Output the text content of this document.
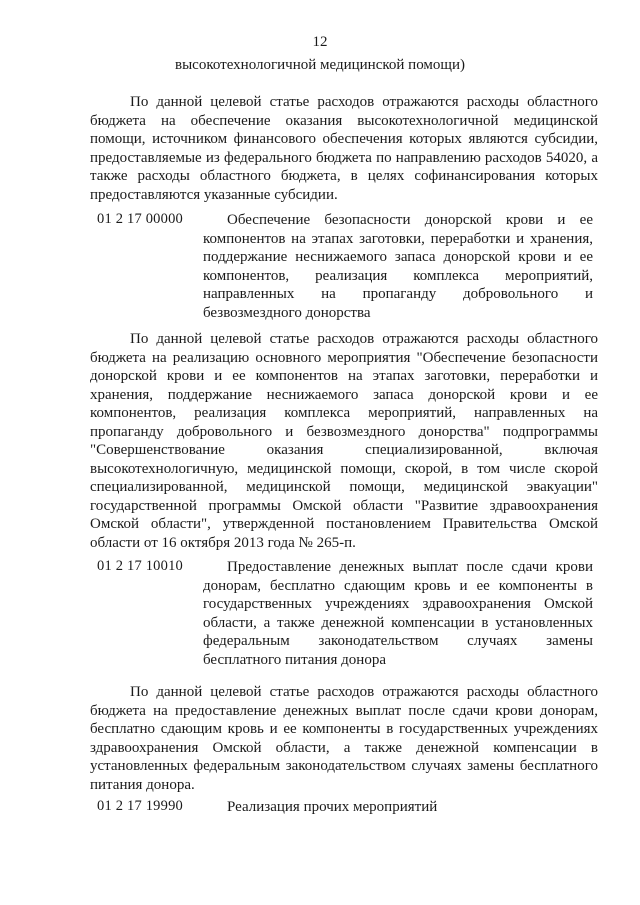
12
высокотехнологичной медицинской помощи)

По данной целевой статье расходов отражаются расходы областного бюджета на обеспечение оказания высокотехнологичной медицинской помощи, источником финансового обеспечения которых являются субсидии, предоставляемые из федерального бюджета по направлению расходов 54020, а также расходы областного бюджета, в целях софинансирования которых предоставляются указанные субсидии.

01 2 17 00000	Обеспечение безопасности донорской крови и ее компонентов на этапах заготовки, переработки и хранения, поддержание неснижаемого запаса донорской крови и ее компонентов, реализация комплекса мероприятий, направленных на пропаганду добровольного и безвозмездного донорства

По данной целевой статье расходов отражаются расходы областного бюджета на реализацию основного мероприятия "Обеспечение безопасности донорской крови и ее компонентов на этапах заготовки, переработки и хранения, поддержание неснижаемого запаса донорской крови и ее компонентов, реализация комплекса мероприятий, направленных на пропаганду добровольного и безвозмездного донорства" подпрограммы "Совершенствование оказания специализированной, включая высокотехнологичную, медицинской помощи, скорой, в том числе скорой специализированной, медицинской помощи, медицинской эвакуации" государственной программы Омской области "Развитие здравоохранения Омской области", утвержденной постановлением Правительства Омской области от 16 октября 2013 года № 265-п.

01 2 17 10010	Предоставление денежных выплат после сдачи крови донорам, бесплатно сдающим кровь и ее компоненты в государственных учреждениях здравоохранения Омской области, а также денежной компенсации в установленных федеральным законодательством случаях замены бесплатного питания донора

По данной целевой статье расходов отражаются расходы областного бюджета на предоставление денежных выплат после сдачи крови донорам, бесплатно сдающим кровь и ее компоненты в государственных учреждениях здравоохранения Омской области, а также денежной компенсации в установленных федеральным законодательством случаях замены бесплатного питания донора.

01 2 17 19990	Реализация прочих мероприятий
